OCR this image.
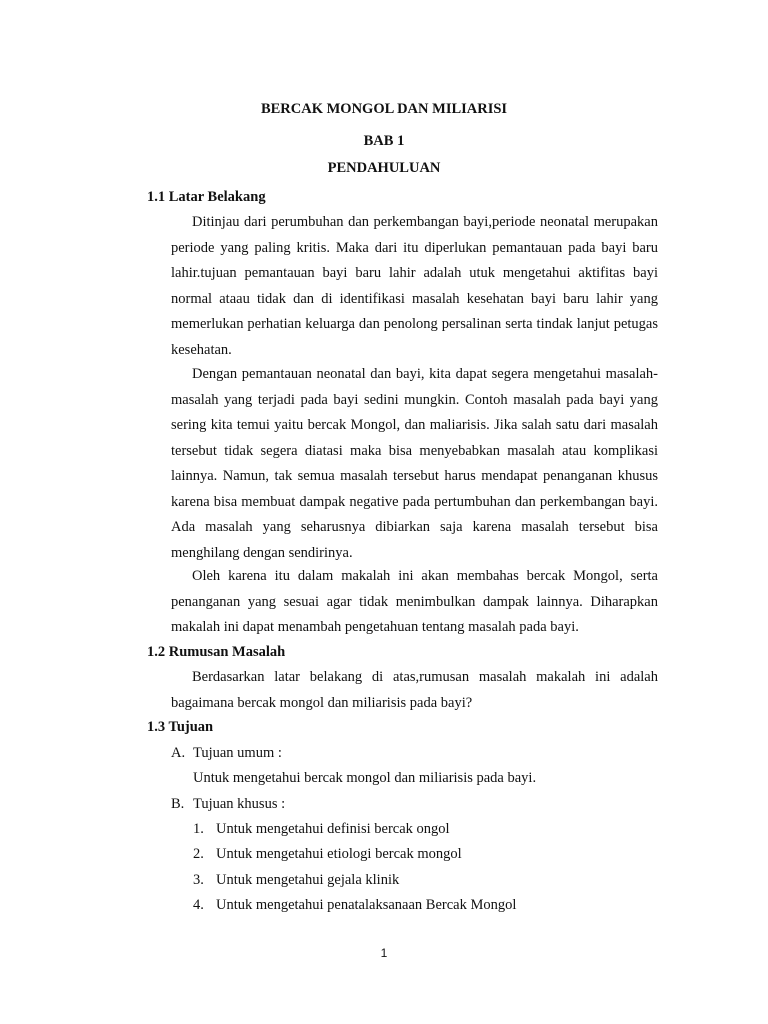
BERCAK MONGOL DAN MILIARISI
BAB 1
PENDAHULUAN
1.1 Latar Belakang

Ditinjau dari perumbuhan dan perkembangan bayi,periode neonatal merupakan periode yang paling kritis. Maka dari itu diperlukan pemantauan pada bayi baru lahir.tujuan pemantauan bayi baru lahir adalah utuk mengetahui aktifitas bayi normal ataau tidak dan di identifikasi masalah kesehatan bayi baru lahir yang memerlukan perhatian keluarga dan penolong persalinan serta tindak lanjut petugas kesehatan.

Dengan pemantauan neonatal dan bayi, kita dapat segera mengetahui masalah-masalah yang terjadi pada bayi sedini mungkin. Contoh masalah pada bayi yang sering kita temui yaitu bercak Mongol, dan maliarisis. Jika salah satu dari masalah tersebut tidak segera diatasi maka bisa menyebabkan masalah atau komplikasi lainnya. Namun, tak semua masalah tersebut harus mendapat penanganan khusus karena bisa membuat dampak negative pada pertumbuhan dan perkembangan bayi. Ada masalah yang seharusnya dibiarkan saja karena masalah tersebut bisa menghilang dengan sendirinya.

Oleh karena itu dalam makalah ini akan membahas bercak Mongol, serta penanganan yang sesuai agar tidak menimbulkan dampak lainnya. Diharapkan makalah ini dapat menambah pengetahuan tentang masalah pada bayi.

1.2 Rumusan Masalah

Berdasarkan latar belakang di atas,rumusan masalah makalah ini adalah bagaimana bercak mongol dan miliarisis pada bayi?

1.3 Tujuan
A. Tujuan umum :
Untuk mengetahui bercak mongol dan miliarisis pada bayi.
B. Tujuan khusus :
1. Untuk mengetahui definisi bercak ongol
2. Untuk mengetahui etiologi bercak mongol
3. Untuk mengetahui gejala klinik
4. Untuk mengetahui penatalaksanaan Bercak Mongol
1
